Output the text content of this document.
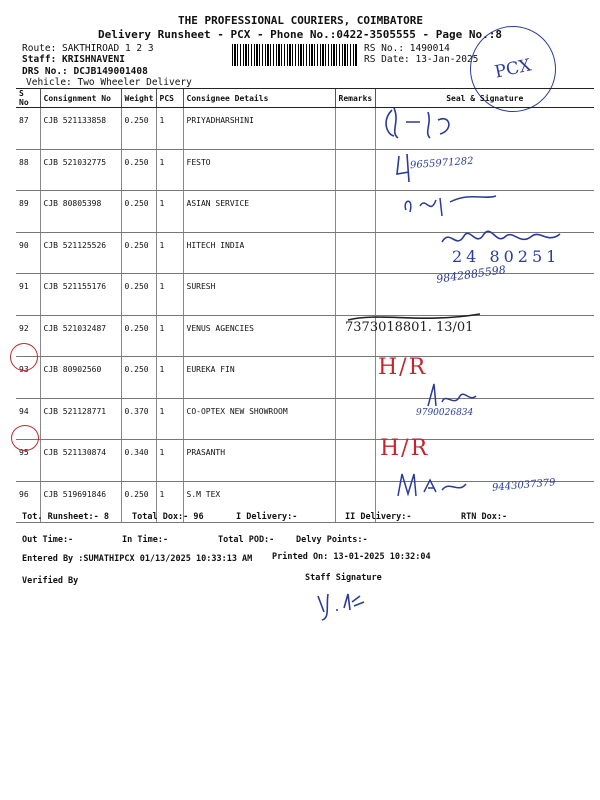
THE PROFESSIONAL COURIERS, COIMBATORE
Delivery Runsheet - PCX - Phone No.:0422-3505555 - Page No.:8
Route: SAKTHIROAD 1 2 3
Staff: KRISHNAVENI
DRS No.: DCJB149001408
Vehicle: Two Wheeler Delivery
RS No.: 1490014
RS Date: 13-Jan-2025 PCX
S No	Consignment No	Weight	PCS	Consignee Details	Remarks	Seal & Signature
87	CJB 521133858	0.250	1	PRIYADHARSHINI		
88	CJB 521032775	0.250	1	FESTO		
89	CJB 80805398	0.250	1	ASIAN SERVICE		
90	CJB 521125526	0.250	1	HITECH INDIA		
91	CJB 521155176	0.250	1	SURESH		
92	CJB 521032487	0.250	1	VENUS AGENCIES		
93	CJB 80902560	0.250	1	EUREKA FIN		
94	CJB 521128771	0.370	1	CO-OPTEX NEW SHOWROOM		
95	CJB 521130874	0.340	1	PRASANTH		
96	CJB 519691846	0.250	1	S.M TEX		
9655971282
24 80251
9842885598
7373018801. 13/01
H/R
9790026834
H/R
9443037379
Tot. Runsheet:- 8	Total Dox:- 96	I Delivery:-	II Delivery:-	RTN Dox:-
Out Time:-	In Time:-	Total POD:-	Delvy Points:-
Entered By :SUMATHIPCX 01/13/2025 10:33:13 AM Printed On: 13-01-2025 10:32:04
Verified By	Staff Signature
